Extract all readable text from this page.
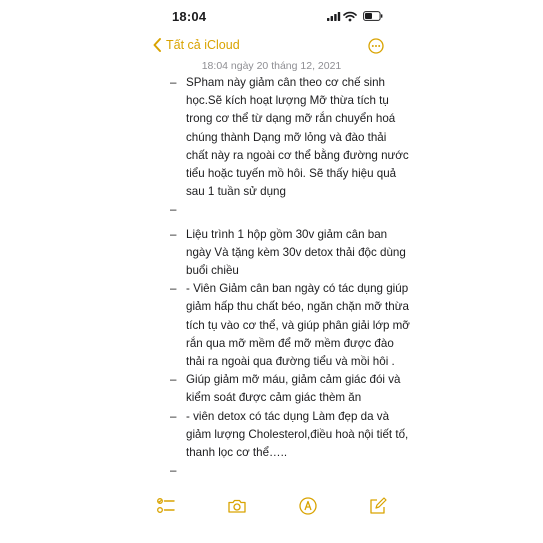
18:04
Tất cả iCloud
18:04 ngày 20 tháng 12, 2021
– SPham này giảm cân theo cơ chế sinh học.Sẽ kích hoạt lượng Mỡ thừa tích tụ trong cơ thể từ dạng mỡ rắn chuyển hoá chúng thành Dạng mỡ lỏng và đào thải chất này ra ngoài cơ thể bằng đường nước tiểu hoặc tuyến mồ hôi. Sẽ thấy hiệu quả sau 1 tuần sử dụng
–
– Liệu trình 1 hộp gồm 30v giảm cân ban ngày Và tặng kèm 30v detox thải độc dùng buổi chiều
– - Viên Giảm cân ban ngày có tác dụng giúp giảm hấp thu chất béo, ngăn chặn mỡ thừa tích tụ vào cơ thể, và giúp phân giải lớp mỡ rắn qua mỡ mềm để mỡ mềm được đào thải ra ngoài qua đường tiểu và mồi hôi .
– Giúp giảm mỡ máu, giảm cảm giác đói và kiểm soát được cảm giác thèm ăn
– - viên detox có tác dụng Làm đẹp da và giảm lượng Cholesterol,điều hoà nội tiết tố, thanh lọc cơ thể…..
–
